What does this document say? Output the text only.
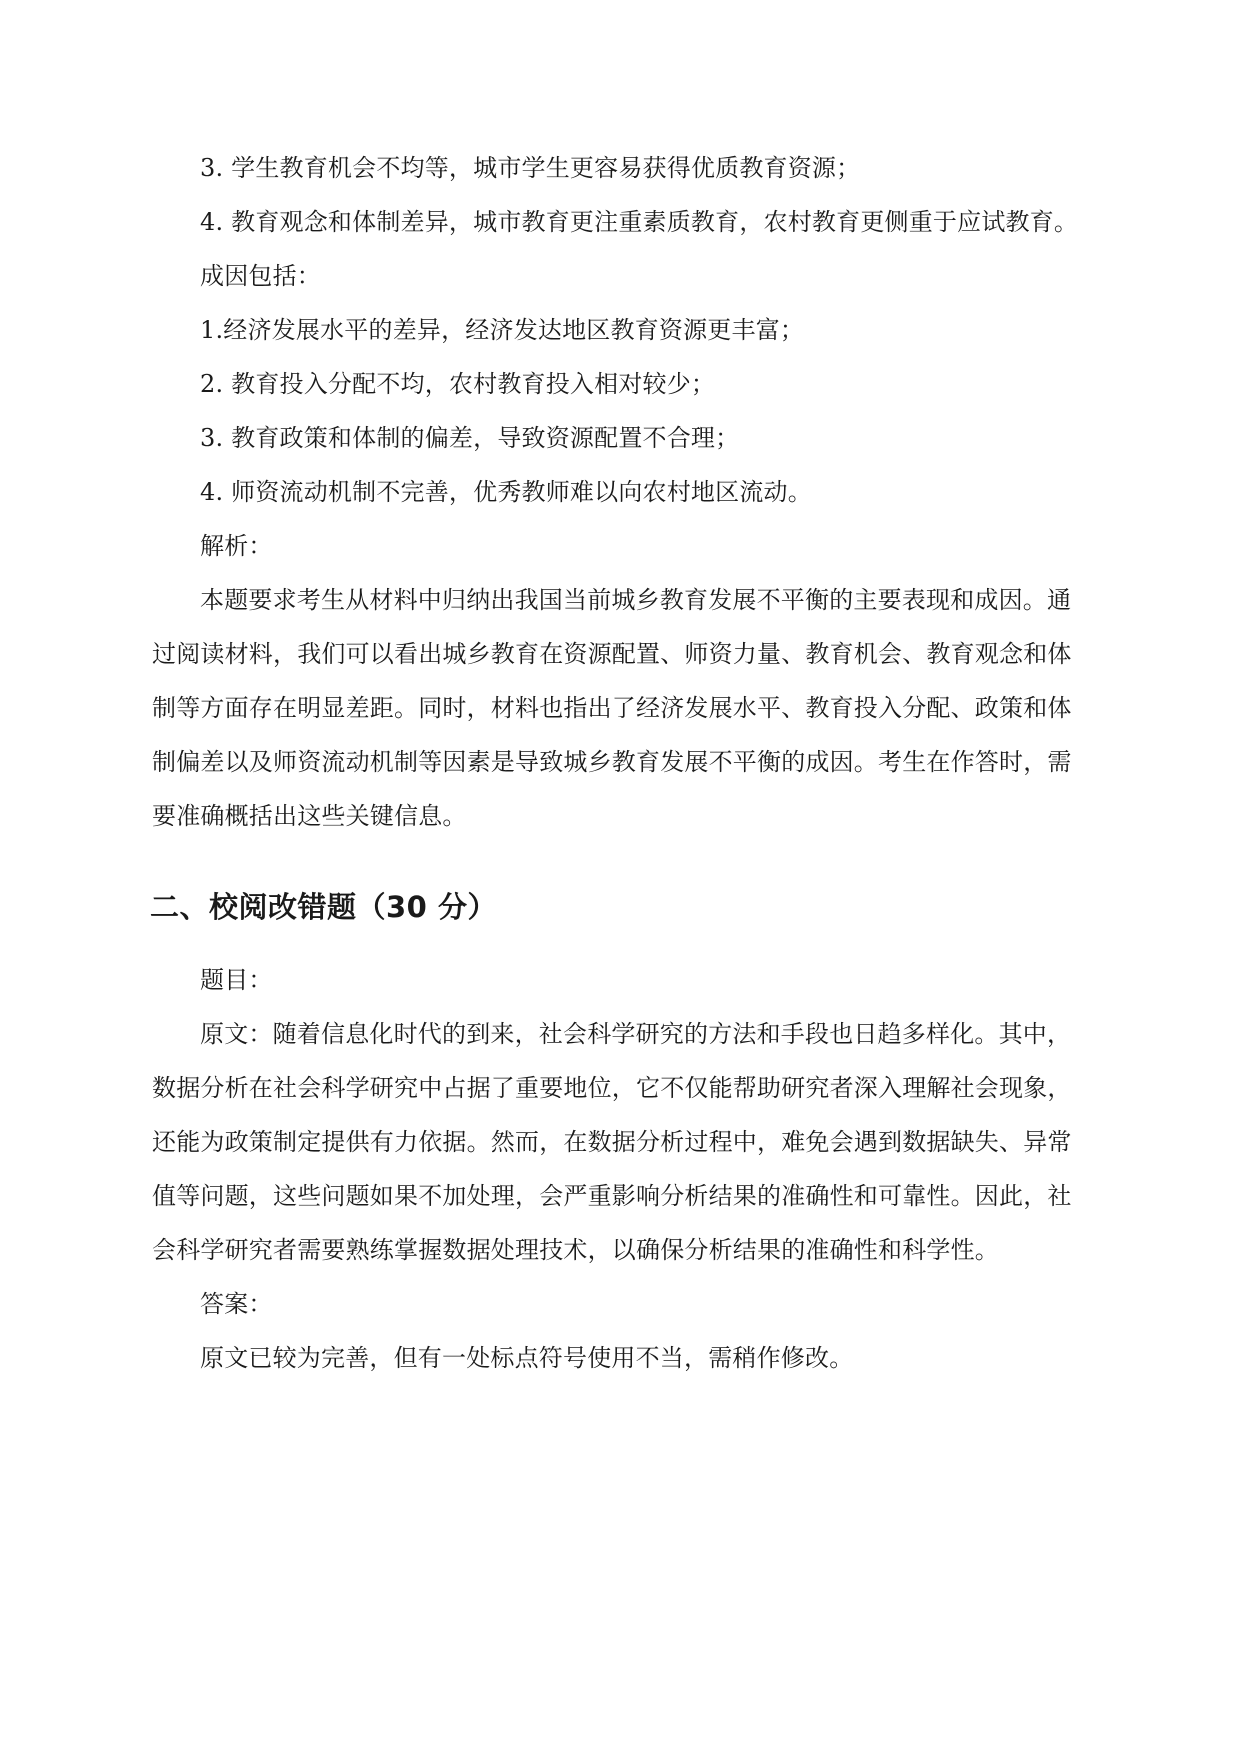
3. 学生教育机会不均等，城市学生更容易获得优质教育资源；
4. 教育观念和体制差异，城市教育更注重素质教育，农村教育更侧重于应试教育。
成因包括：
1.经济发展水平的差异，经济发达地区教育资源更丰富；
2. 教育投入分配不均，农村教育投入相对较少；
3. 教育政策和体制的偏差，导致资源配置不合理；
4. 师资流动机制不完善，优秀教师难以向农村地区流动。
解析：
本题要求考生从材料中归纳出我国当前城乡教育发展不平衡的主要表现和成因。通
过阅读材料，我们可以看出城乡教育在资源配置、师资力量、教育机会、教育观念和体
制等方面存在明显差距。同时，材料也指出了经济发展水平、教育投入分配、政策和体
制偏差以及师资流动机制等因素是导致城乡教育发展不平衡的成因。考生在作答时，需
要准确概括出这些关键信息。
二、校阅改错题（30 分）
题目：
原文：随着信息化时代的到来，社会科学研究的方法和手段也日趋多样化。其中，
数据分析在社会科学研究中占据了重要地位，它不仅能帮助研究者深入理解社会现象，
还能为政策制定提供有力依据。然而，在数据分析过程中，难免会遇到数据缺失、异常
值等问题，这些问题如果不加处理，会严重影响分析结果的准确性和可靠性。因此，社
会科学研究者需要熟练掌握数据处理技术，以确保分析结果的准确性和科学性。
答案：
原文已较为完善，但有一处标点符号使用不当，需稍作修改。
